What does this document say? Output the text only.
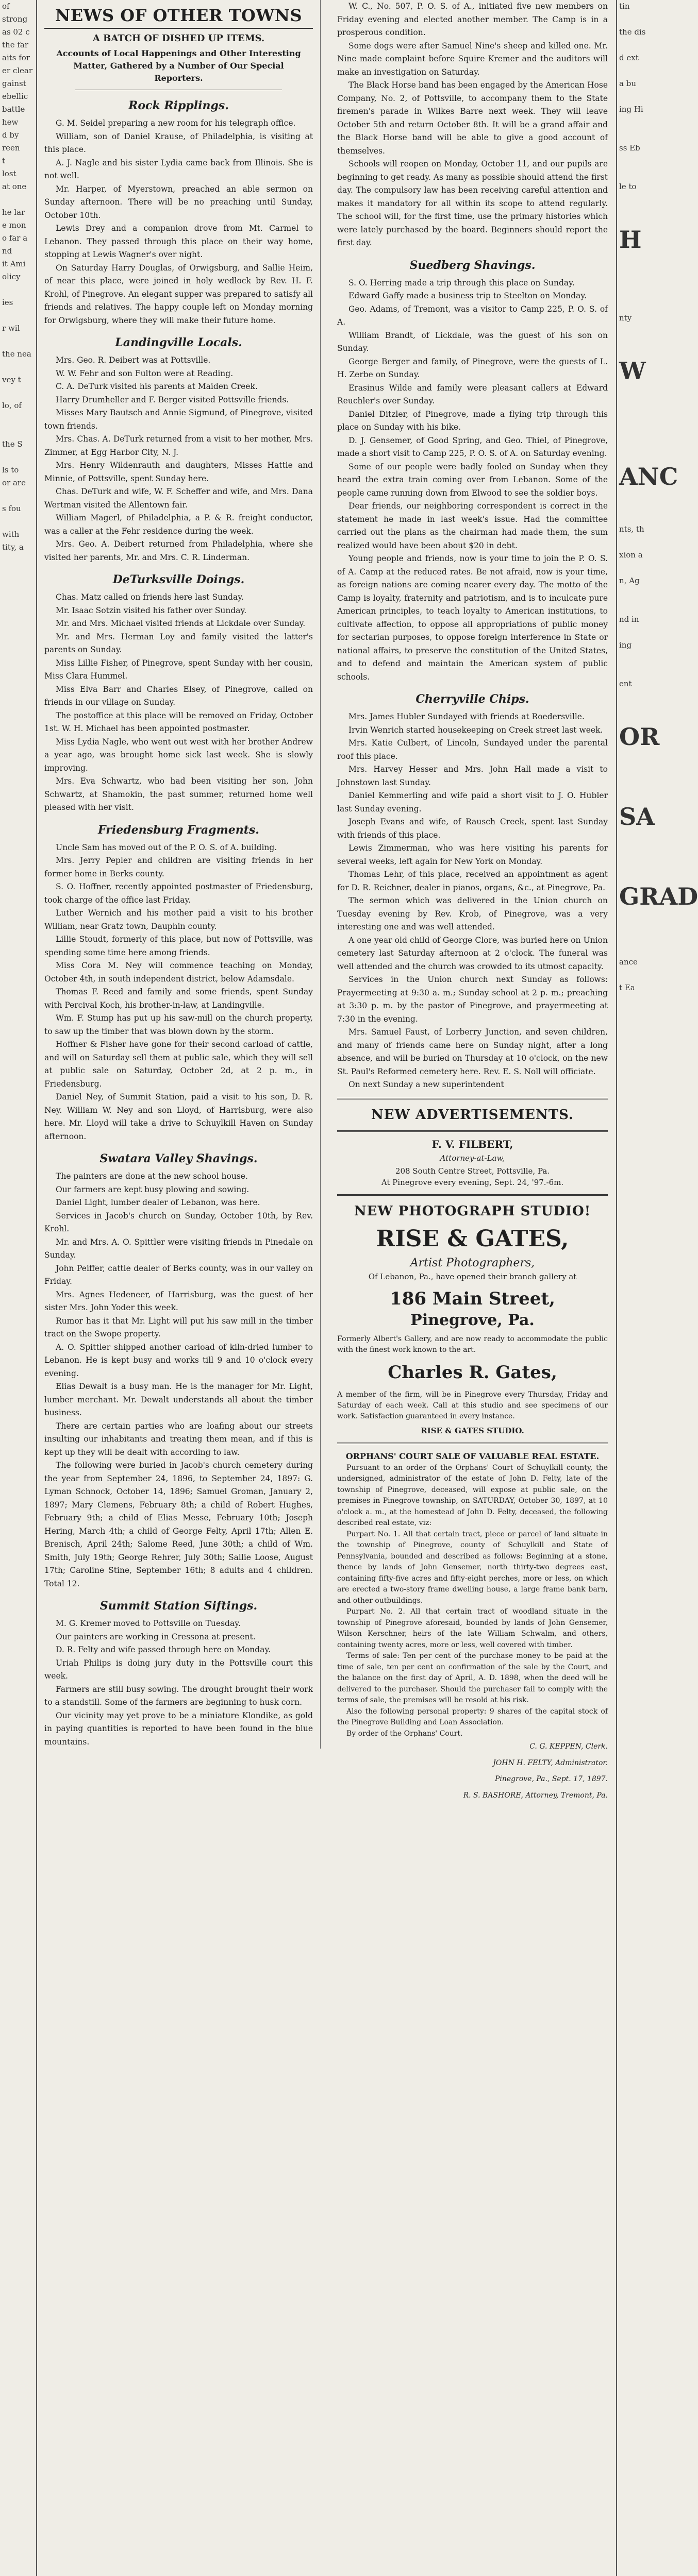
of
strong
as 02 c
the far
aits for
er clear
gainst
ebellic
battle
hew
d by
reen
t
lost
at one

he lar
e mon
o far a
nd
it Ami
olicy

ies

r wil

the nea

vey t

lo, of

the S

ls to
or are

s fou

with
tity, a
NEWS OF OTHER TOWNS
A BATCH OF DISHED UP ITEMS.
Accounts of Local Happenings and Other Interesting Matter, Gathered by a Number of Our Special Reporters.
Rock Ripplings.

G. M. Seidel preparing a new room for his telegraph office.

William, son of Daniel Krause, of Philadelphia, is visiting at this place.

A. J. Nagle and his sister Lydia came back from Illinois. She is not well.

Mr. Harper, of Myerstown, preached an able sermon on Sunday afternoon. There will be no preaching until Sunday, October 10th.

Lewis Drey and a companion drove from Mt. Carmel to Lebanon. They passed through this place on their way home, stopping at Lewis Wagner's over night.

On Saturday Harry Douglas, of Orwigsburg, and Sallie Heim, of near this place, were joined in holy wedlock by Rev. H. F. Krohl, of Pinegrove. An elegant supper was prepared to satisfy all friends and relatives. The happy couple left on Monday morning for Orwigsburg, where they will make their future home.

Landingville Locals.

Mrs. Geo. R. Deibert was at Pottsville.

W. W. Fehr and son Fulton were at Reading.

C. A. DeTurk visited his parents at Maiden Creek.

Harry Drumheller and F. Berger visited Pottsville friends.

Misses Mary Bautsch and Annie Sigmund, of Pinegrove, visited town friends.

Mrs. Chas. A. DeTurk returned from a visit to her mother, Mrs. Zimmer, at Egg Harbor City, N. J.

Mrs. Henry Wildenrauth and daughters, Misses Hattie and Minnie, of Pottsville, spent Sunday here.

Chas. DeTurk and wife, W. F. Scheffer and wife, and Mrs. Dana Wertman visited the Allentown fair.

William Magerl, of Philadelphia, a P. & R. freight conductor, was a caller at the Fehr residence during the week.

Mrs. Geo. A. Deibert returned from Philadelphia, where she visited her parents, Mr. and Mrs. C. R. Linderman.

DeTurksville Doings.

Chas. Matz called on friends here last Sunday.

Mr. Isaac Sotzin visited his father over Sunday.

Mr. and Mrs. Michael visited friends at Lickdale over Sunday.

Mr. and Mrs. Herman Loy and family visited the latter's parents on Sunday.

Miss Lillie Fisher, of Pinegrove, spent Sunday with her cousin, Miss Clara Hummel.

Miss Elva Barr and Charles Elsey, of Pinegrove, called on friends in our village on Sunday.

The postoffice at this place will be removed on Friday, October 1st. W. H. Michael has been appointed postmaster.

Miss Lydia Nagle, who went out west with her brother Andrew a year ago, was brought home sick last week. She is slowly improving.

Mrs. Eva Schwartz, who had been visiting her son, John Schwartz, at Shamokin, the past summer, returned home well pleased with her visit.

Friedensburg Fragments.

Uncle Sam has moved out of the P. O. S. of A. building.

Mrs. Jerry Pepler and children are visiting friends in her former home in Berks county.

S. O. Hoffner, recently appointed postmaster of Friedensburg, took charge of the office last Friday.

Luther Wernich and his mother paid a visit to his brother William, near Gratz town, Dauphin county.

Lillie Stoudt, formerly of this place, but now of Pottsville, was spending some time here among friends.

Miss Cora M. Ney will commence teaching on Monday, October 4th, in south independent district, below Adamsdale.

Thomas F. Reed and family and some friends, spent Sunday with Percival Koch, his brother-in-law, at Landingville.

Wm. F. Stump has put up his saw-mill on the church property, to saw up the timber that was blown down by the storm.

Hoffner & Fisher have gone for their second carload of cattle, and will on Saturday sell them at public sale, which they will sell at public sale on Saturday, October 2d, at 2 p. m., in Friedensburg.

Daniel Ney, of Summit Station, paid a visit to his son, D. R. Ney. William W. Ney and son Lloyd, of Harrisburg, were also here. Mr. Lloyd will take a drive to Schuylkill Haven on Sunday afternoon.

Swatara Valley Shavings.

The painters are done at the new school house.

Our farmers are kept busy plowing and sowing.

Daniel Light, lumber dealer of Lebanon, was here.

Services in Jacob's church on Sunday, October 10th, by Rev. Krohl.

Mr. and Mrs. A. O. Spittler were visiting friends in Pinedale on Sunday.

John Peiffer, cattle dealer of Berks county, was in our valley on Friday.

Mrs. Agnes Hedeneer, of Harrisburg, was the guest of her sister Mrs. John Yoder this week.

Rumor has it that Mr. Light will put his saw mill in the timber tract on the Swope property.

A. O. Spittler shipped another carload of kiln-dried lumber to Lebanon. He is kept busy and works till 9 and 10 o'clock every evening.

Elias Dewalt is a busy man. He is the manager for Mr. Light, lumber merchant. Mr. Dewalt understands all about the timber business.

There are certain parties who are loafing about our streets insulting our inhabitants and treating them mean, and if this is kept up they will be dealt with according to law.

The following were buried in Jacob's church cemetery during the year from September 24, 1896, to September 24, 1897: G. Lyman Schnock, October 14, 1896; Samuel Groman, January 2, 1897; Mary Clemens, February 8th; a child of Robert Hughes, February 9th; a child of Elias Messe, February 10th; Joseph Hering, March 4th; a child of George Felty, April 17th; Allen E. Brenisch, April 24th; Salome Reed, June 30th; a child of Wm. Smith, July 19th; George Rehrer, July 30th; Sallie Loose, August 17th; Caroline Stine, September 16th; 8 adults and 4 children. Total 12.

Summit Station Siftings.

M. G. Kremer moved to Pottsville on Tuesday.

Our painters are working in Cressona at present.

D. R. Felty and wife passed through here on Monday.

Uriah Philips is doing jury duty in the Pottsville court this week.

Farmers are still busy sowing. The drought brought their work to a standstill. Some of the farmers are beginning to husk corn.

Our vicinity may yet prove to be a miniature Klondike, as gold in paying quantities is reported to have been found in the blue mountains.

W. C., No. 507, P. O. S. of A., initiated five new members on Friday evening and elected another member. The Camp is in a prosperous condition.

Some dogs were after Samuel Nine's sheep and killed one. Mr. Nine made complaint before Squire Kremer and the auditors will make an investigation on Saturday.

The Black Horse band has been engaged by the American Hose Company, No. 2, of Pottsville, to accompany them to the State firemen's parade in Wilkes Barre next week. They will leave October 5th and return October 8th. It will be a grand affair and the Black Horse band will be able to give a good account of themselves.

Schools will reopen on Monday, October 11, and our pupils are beginning to get ready. As many as possible should attend the first day. The compulsory law has been receiving careful attention and makes it mandatory for all within its scope to attend regularly. The school will, for the first time, use the primary histories which were lately purchased by the board. Beginners should report the first day.

Suedberg Shavings.

S. O. Herring made a trip through this place on Sunday.

Edward Gaffy made a business trip to Steelton on Monday.

Geo. Adams, of Tremont, was a visitor to Camp 225, P. O. S. of A.

William Brandt, of Lickdale, was the guest of his son on Sunday.

George Berger and family, of Pinegrove, were the guests of L. H. Zerbe on Sunday.

Erasinus Wilde and family were pleasant callers at Edward Reuchler's over Sunday.

Daniel Ditzler, of Pinegrove, made a flying trip through this place on Sunday with his bike.

D. J. Gensemer, of Good Spring, and Geo. Thiel, of Pinegrove, made a short visit to Camp 225, P. O. S. of A. on Saturday evening.

Some of our people were badly fooled on Sunday when they heard the extra train coming over from Lebanon. Some of the people came running down from Elwood to see the soldier boys.

Dear friends, our neighboring correspondent is correct in the statement he made in last week's issue. Had the committee carried out the plans as the chairman had made them, the sum realized would have been about $20 in debt.

Young people and friends, now is your time to join the P. O. S. of A. Camp at the reduced rates. Be not afraid, now is your time, as foreign nations are coming nearer every day. The motto of the Camp is loyalty, fraternity and patriotism, and is to inculcate pure American principles, to teach loyalty to American institutions, to cultivate affection, to oppose all appropriations of public money for sectarian purposes, to oppose foreign interference in State or national affairs, to preserve the constitution of the United States, and to defend and maintain the American system of public schools.

Cherryville Chips.

Mrs. James Hubler Sundayed with friends at Roedersville.

Irvin Wenrich started housekeeping on Creek street last week.

Mrs. Katie Culbert, of Lincoln, Sundayed under the parental roof this place.

Mrs. Harvey Hesser and Mrs. John Hall made a visit to Johnstown last Sunday.

Daniel Kemmerling and wife paid a short visit to J. O. Hubler last Sunday evening.

Joseph Evans and wife, of Rausch Creek, spent last Sunday with friends of this place.

Lewis Zimmerman, who was here visiting his parents for several weeks, left again for New York on Monday.

Thomas Lehr, of this place, received an appointment as agent for D. R. Reichner, dealer in pianos, organs, &c., at Pinegrove, Pa.

The sermon which was delivered in the Union church on Tuesday evening by Rev. Krob, of Pinegrove, was a very interesting one and was well attended.

A one year old child of George Clore, was buried here on Union cemetery last Saturday afternoon at 2 o'clock. The funeral was well attended and the church was crowded to its utmost capacity.

Services in the Union church next Sunday as follows: Prayermeeting at 9:30 a. m.; Sunday school at 2 p. m.; preaching at 3:30 p. m. by the pastor of Pinegrove, and prayermeeting at 7:30 in the evening.

Mrs. Samuel Faust, of Lorberry Junction, and seven children, and many of friends came here on Sunday night, after a long absence, and will be buried on Thursday at 10 o'clock, on the new St. Paul's Reformed cemetery here. Rev. E. S. Noll will officiate.

On next Sunday a new superintendent

NEW ADVERTISEMENTS.
F. V. FILBERT,
Attorney-at-Law,
208 South Centre Street, Pottsville, Pa.
At Pinegrove every evening, Sept. 24, '97.-6m.
NEW PHOTOGRAPH STUDIO!
RISE & GATES,
Artist Photographers,
Of Lebanon, Pa., have opened their branch gallery at
186 Main Street,
Pinegrove, Pa.
Formerly Albert's Gallery, and are now ready to accommodate the public with the finest work known to the art.
Charles R. Gates,
A member of the firm, will be in Pinegrove every Thursday, Friday and Saturday of each week. Call at this studio and see specimens of our work. Satisfaction guaranteed in every instance.
RISE & GATES STUDIO.
ORPHANS' COURT SALE OF VALUABLE REAL ESTATE.

Pursuant to an order of the Orphans' Court of Schuylkill county, the undersigned, administrator of the estate of John D. Felty, late of the township of Pinegrove, deceased, will expose at public sale, on the premises in Pinegrove township, on SATURDAY, October 30, 1897, at 10 o'clock a. m., at the homestead of John D. Felty, deceased, the following described real estate, viz:

Purpart No. 1. All that certain tract, piece or parcel of land situate in the township of Pinegrove, county of Schuylkill and State of Pennsylvania, bounded and described as follows: Beginning at a stone, thence by lands of John Gensemer, north thirty-two degrees east, containing fifty-five acres and fifty-eight perches, more or less, on which are erected a two-story frame dwelling house, a large frame bank barn, and other outbuildings.

Purpart No. 2. All that certain tract of woodland situate in the township of Pinegrove aforesaid, bounded by lands of John Gensemer, Wilson Kerschner, heirs of the late William Schwalm, and others, containing twenty acres, more or less, well covered with timber.

Terms of sale: Ten per cent of the purchase money to be paid at the time of sale, ten per cent on confirmation of the sale by the Court, and the balance on the first day of April, A. D. 1898, when the deed will be delivered to the purchaser. Should the purchaser fail to comply with the terms of sale, the premises will be resold at his risk.

Also the following personal property: 9 shares of the capital stock of the Pinegrove Building and Loan Association.

By order of the Orphans' Court.

C. G. KEPPEN, Clerk.
JOHN H. FELTY, Administrator.
Pinegrove, Pa., Sept. 17, 1897.
R. S. BASHORE, Attorney, Tremont, Pa.
tin

the dis

d ext

a bu

ing Hi

ss Eb

le to

H

nty

W

ANC

nts, th

xion a

n, Ag

nd in

ing

ent

OR

SA

GRAD

ance

t Ea
